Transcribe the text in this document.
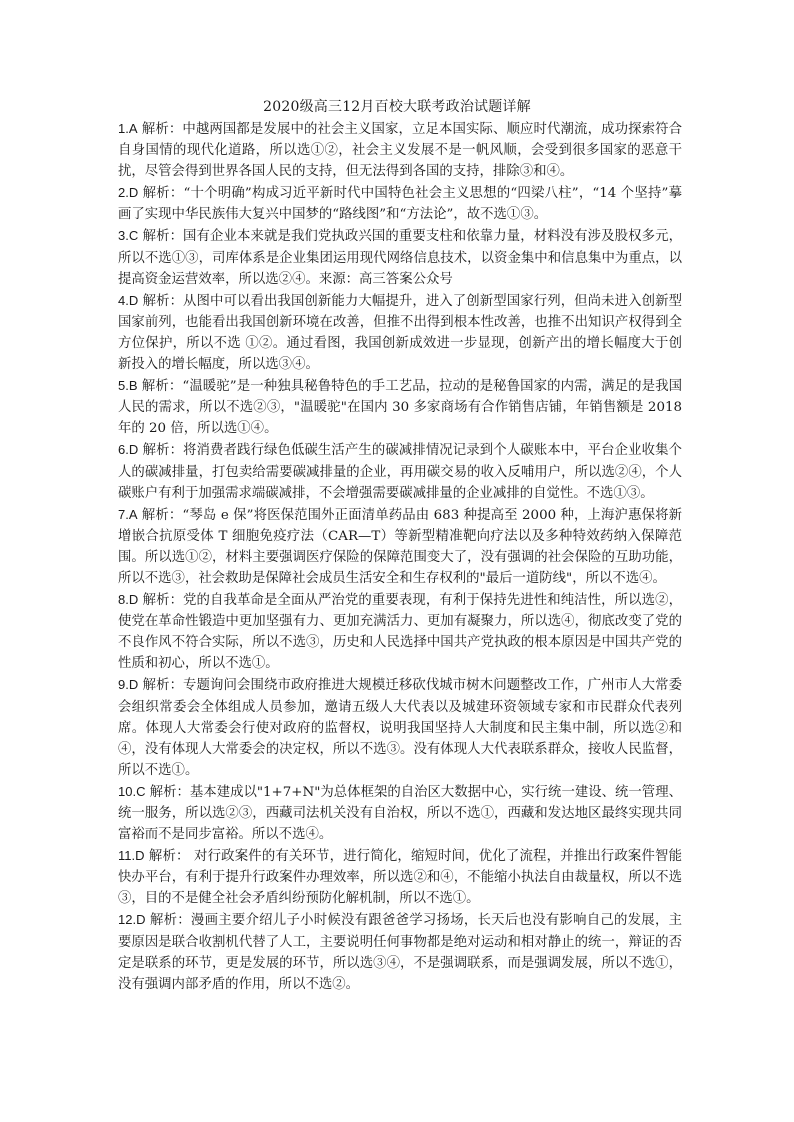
2020级高三12月百校大联考政治试题详解

1.A 解析：中越两国都是发展中的社会主义国家，立足本国实际、顺应时代潮流，成功探索符合自身国情的现代化道路，所以选①②，社会主义发展不是一帆风顺，会受到很多国家的恶意干扰，尽管会得到世界各国人民的支持，但无法得到各国的支持，排除③和④。

2.D 解析：“十个明确”构成习近平新时代中国特色社会主义思想的“四梁八柱”，“14 个坚持”摹画了实现中华民族伟大复兴中国梦的“路线图”和“方法论”，故不选①③。

3.C 解析：国有企业本来就是我们党执政兴国的重要支柱和依靠力量，材料没有涉及股权多元，所以不选①③，司库体系是企业集团运用现代网络信息技术，以资金集中和信息集中为重点，以提高资金运营效率，所以选②④。来源：高三答案公众号

4.D 解析：从图中可以看出我国创新能力大幅提升，进入了创新型国家行列，但尚未进入创新型国家前列，也能看出我国创新环境在改善，但推不出得到根本性改善，也推不出知识产权得到全方位保护，所以不选 ①②。通过看图，我国创新成效进一步显现，创新产出的增长幅度大于创新投入的增长幅度，所以选③④。

5.B 解析：“温暖驼”是一种独具秘鲁特色的手工艺品，拉动的是秘鲁国家的内需，满足的是我国人民的需求，所以不选②③，"温暖驼"在国内 30 多家商场有合作销售店铺，年销售额是 2018 年的 20 倍，所以选①④。

6.D 解析：将消费者践行绿色低碳生活产生的碳减排情况记录到个人碳账本中，平台企业收集个人的碳减排量，打包卖给需要碳减排量的企业，再用碳交易的收入反哺用户，所以选②④，个人碳账户有利于加强需求端碳减排，不会增强需要碳减排量的企业减排的自觉性。不选①③。

7.A 解析：“琴岛 e 保”将医保范围外正面清单药品由 683 种提高至 2000 种，上海沪惠保将新增嵌合抗原受体 T 细胞免疫疗法（CAR—T）等新型精准靶向疗法以及多种特效药纳入保障范围。所以选①②，材料主要强调医疗保险的保障范围变大了，没有强调的社会保险的互助功能，所以不选③，社会救助是保障社会成员生活安全和生存权利的"最后一道防线"，所以不选④。

8.D 解析：党的自我革命是全面从严治党的重要表现，有利于保持先进性和纯洁性，所以选②，使党在革命性锻造中更加坚强有力、更加充满活力、更加有凝聚力，所以选④，彻底改变了党的不良作风不符合实际，所以不选③，历史和人民选择中国共产党执政的根本原因是中国共产党的性质和初心，所以不选①。

9.D 解析：专题询问会围绕市政府推进大规模迁移砍伐城市树木问题整改工作，广州市人大常委会组织常委会全体组成人员参加，邀请五级人大代表以及城建环资领域专家和市民群众代表列席。体现人大常委会行使对政府的监督权，说明我国坚持人大制度和民主集中制，所以选②和④，没有体现人大常委会的决定权，所以不选③。没有体现人大代表联系群众，接收人民监督，所以不选①。

10.C 解析：基本建成以"1+7+N"为总体框架的自治区大数据中心，实行统一建设、统一管理、统一服务，所以选②③，西藏司法机关没有自治权，所以不选①，西藏和发达地区最终实现共同富裕而不是同步富裕。所以不选④。

11.D 解析： 对行政案件的有关环节，进行简化，缩短时间，优化了流程，并推出行政案件智能快办平台，有利于提升行政案件办理效率，所以选②和④，不能缩小执法自由裁量权，所以不选③，目的不是健全社会矛盾纠纷预防化解机制，所以不选①。

12.D 解析：漫画主要介绍儿子小时候没有跟爸爸学习扬场，长天后也没有影响自己的发展，主要原因是联合收割机代替了人工，主要说明任何事物都是绝对运动和相对静止的统一，辩证的否定是联系的环节，更是发展的环节，所以选③④，不是强调联系，而是强调发展，所以不选①，没有强调内部矛盾的作用，所以不选②。
